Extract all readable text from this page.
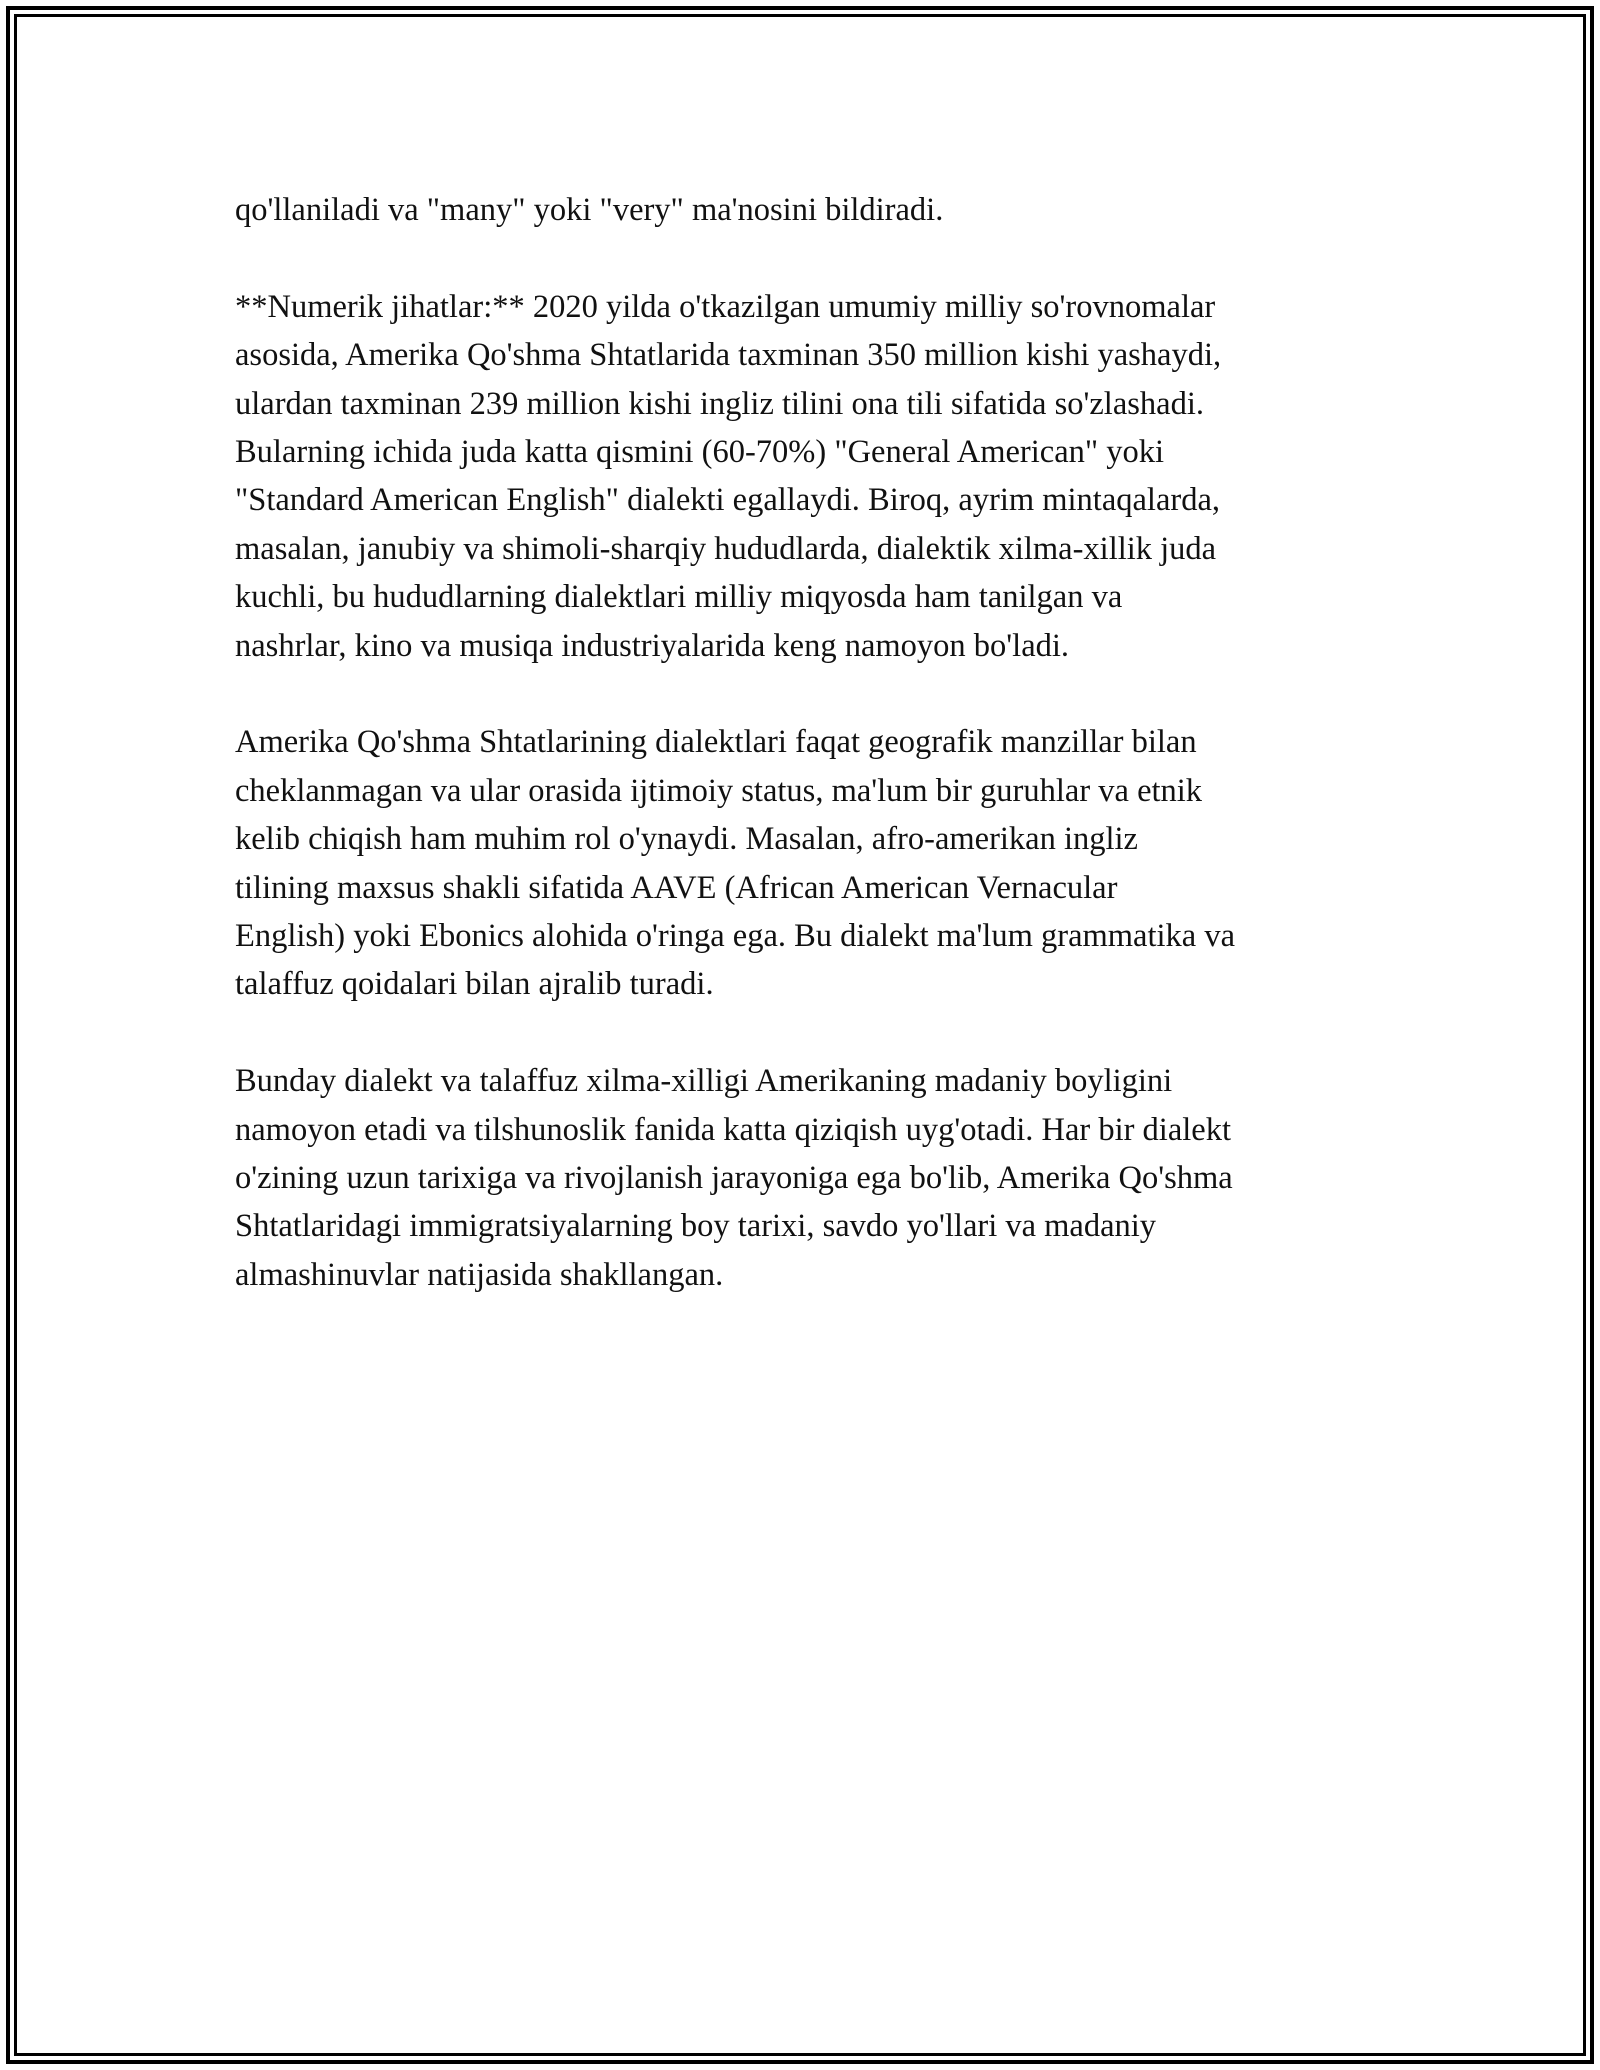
qo'llaniladi va "many" yoki "very" ma'nosini bildiradi.

**Numerik jihatlar:** 2020 yilda o'tkazilgan umumiy milliy so'rovnomalar
asosida, Amerika Qo'shma Shtatlarida taxminan 350 million kishi yashaydi,
ulardan taxminan 239 million kishi ingliz tilini ona tili sifatida so'zlashadi.
Bularning ichida juda katta qismini (60-70%) "General American" yoki
"Standard American English" dialekti egallaydi. Biroq, ayrim mintaqalarda,
masalan, janubiy va shimoli-sharqiy hududlarda, dialektik xilma-xillik juda
kuchli, bu hududlarning dialektlari milliy miqyosda ham tanilgan va
nashrlar, kino va musiqa industriyalarida keng namoyon bo'ladi.

Amerika Qo'shma Shtatlarining dialektlari faqat geografik manzillar bilan
cheklanmagan va ular orasida ijtimoiy status, ma'lum bir guruhlar va etnik
kelib chiqish ham muhim rol o'ynaydi. Masalan, afro-amerikan ingliz
tilining maxsus shakli sifatida AAVE (African American Vernacular
English) yoki Ebonics alohida o'ringa ega. Bu dialekt ma'lum grammatika va
talaffuz qoidalari bilan ajralib turadi.

Bunday dialekt va talaffuz xilma-xilligi Amerikaning madaniy boyligini
namoyon etadi va tilshunoslik fanida katta qiziqish uyg'otadi. Har bir dialekt
o'zining uzun tarixiga va rivojlanish jarayoniga ega bo'lib, Amerika Qo'shma
Shtatlaridagi immigratsiyalarning boy tarixi, savdo yo'llari va madaniy
almashinuvlar natijasida shakllangan.
